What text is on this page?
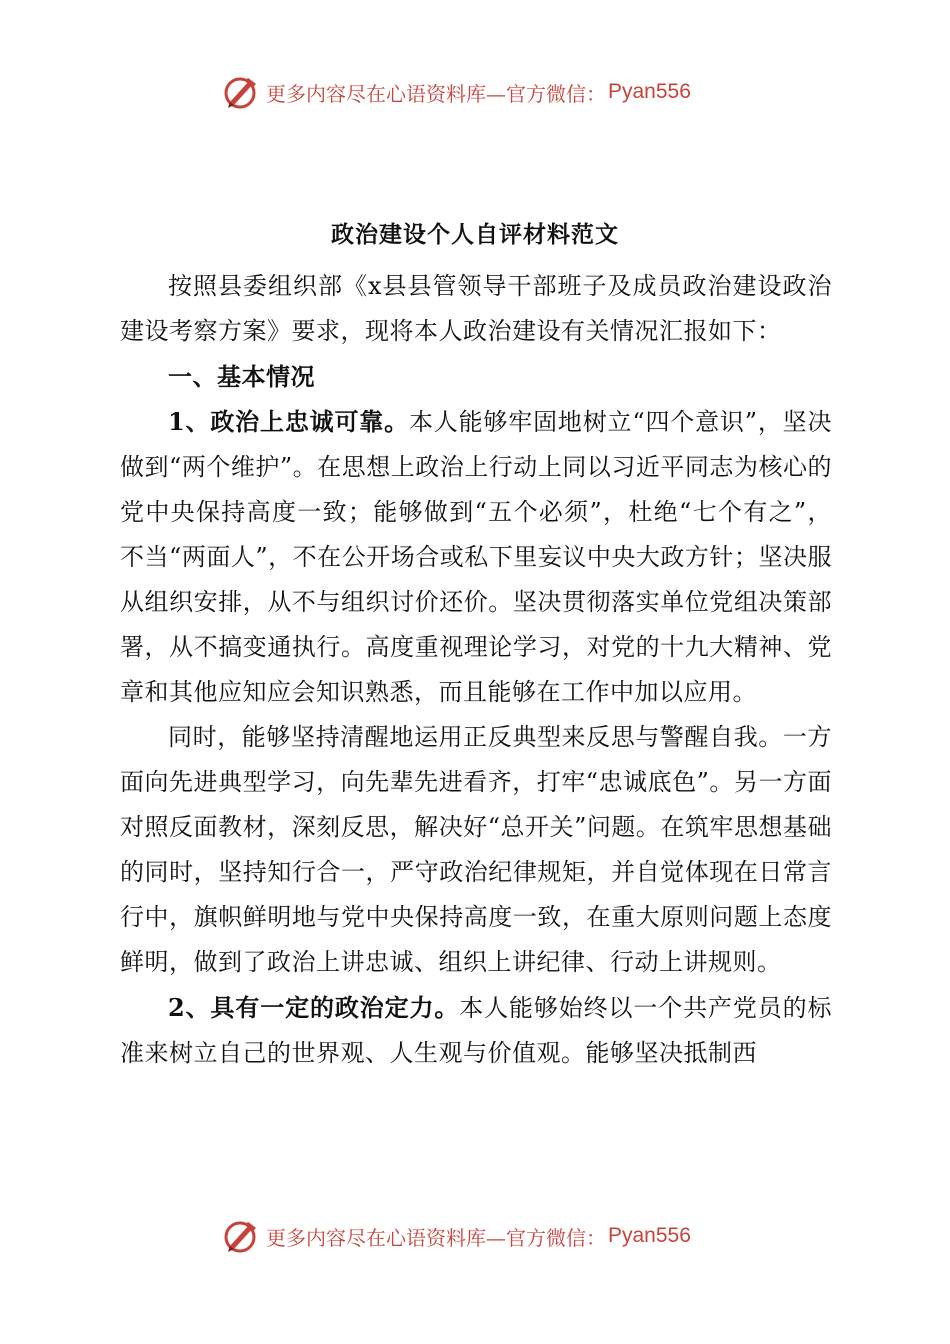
更多内容尽在心语资料库—官方微信： Pyan556
政治建设个人自评材料范文

按照县委组织部《x县县管领导干部班子及成员政治建设政治建设考察方案》要求，现将本人政治建设有关情况汇报如下：

一、基本情况

1、政治上忠诚可靠。本人能够牢固地树立“四个意识”，坚决做到“两个维护”。在思想上政治上行动上同以习近平同志为核心的党中央保持高度一致；能够做到“五个必须”，杜绝“七个有之”，不当“两面人”，不在公开场合或私下里妄议中央大政方针；坚决服从组织安排，从不与组织讨价还价。坚决贯彻落实单位党组决策部署，从不搞变通执行。高度重视理论学习，对党的十九大精神、党章和其他应知应会知识熟悉，而且能够在工作中加以应用。

同时，能够坚持清醒地运用正反典型来反思与警醒自我。一方面向先进典型学习，向先辈先进看齐，打牢“忠诚底色”。另一方面对照反面教材，深刻反思，解决好“总开关”问题。在筑牢思想基础的同时，坚持知行合一，严守政治纪律规矩，并自觉体现在日常言行中，旗帜鲜明地与党中央保持高度一致，在重大原则问题上态度鲜明，做到了政治上讲忠诚、组织上讲纪律、行动上讲规则。

2、具有一定的政治定力。本人能够始终以一个共产党员的标准来树立自己的世界观、人生观与价值观。能够坚决抵制西

更多内容尽在心语资料库—官方微信： Pyan556
